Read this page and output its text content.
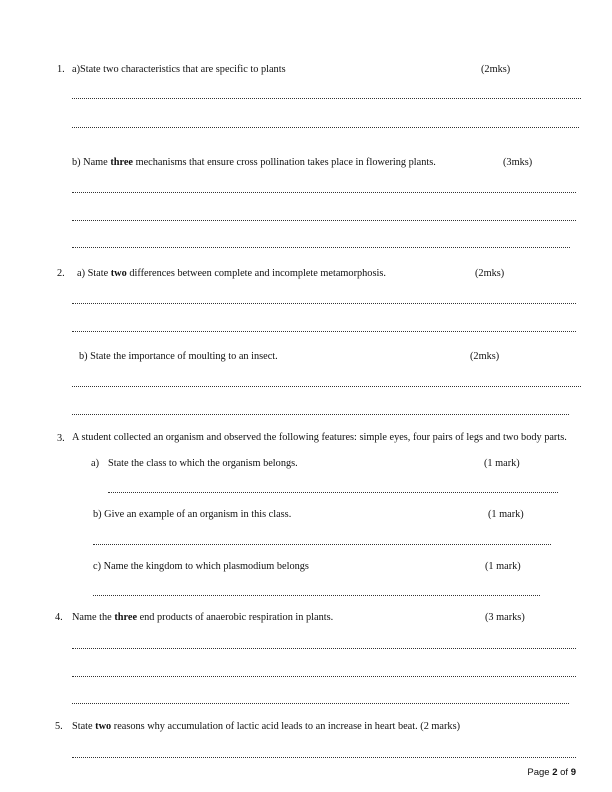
1. a)State two characteristics that are specific to plants	(2mks)
b) Name three mechanisms that ensure cross pollination takes place in flowering plants.	(3mks)
2. a) State two differences between complete and incomplete metamorphosis.	(2mks)
b) State the importance of moulting to an insect.	(2mks)
3. A student collected an organism and observed the following features: simple eyes, four pairs of legs and two body parts.
a) State the class to which the organism belongs.	(1 mark)
b) Give an example of an organism in this class.	(1 mark)
c) Name the kingdom to which plasmodium belongs	(1 mark)
4. Name the three end products of anaerobic respiration in plants.	(3 marks)
5. State two reasons why accumulation of lactic acid leads to an increase in heart beat. (2 marks)
Page 2 of 9
